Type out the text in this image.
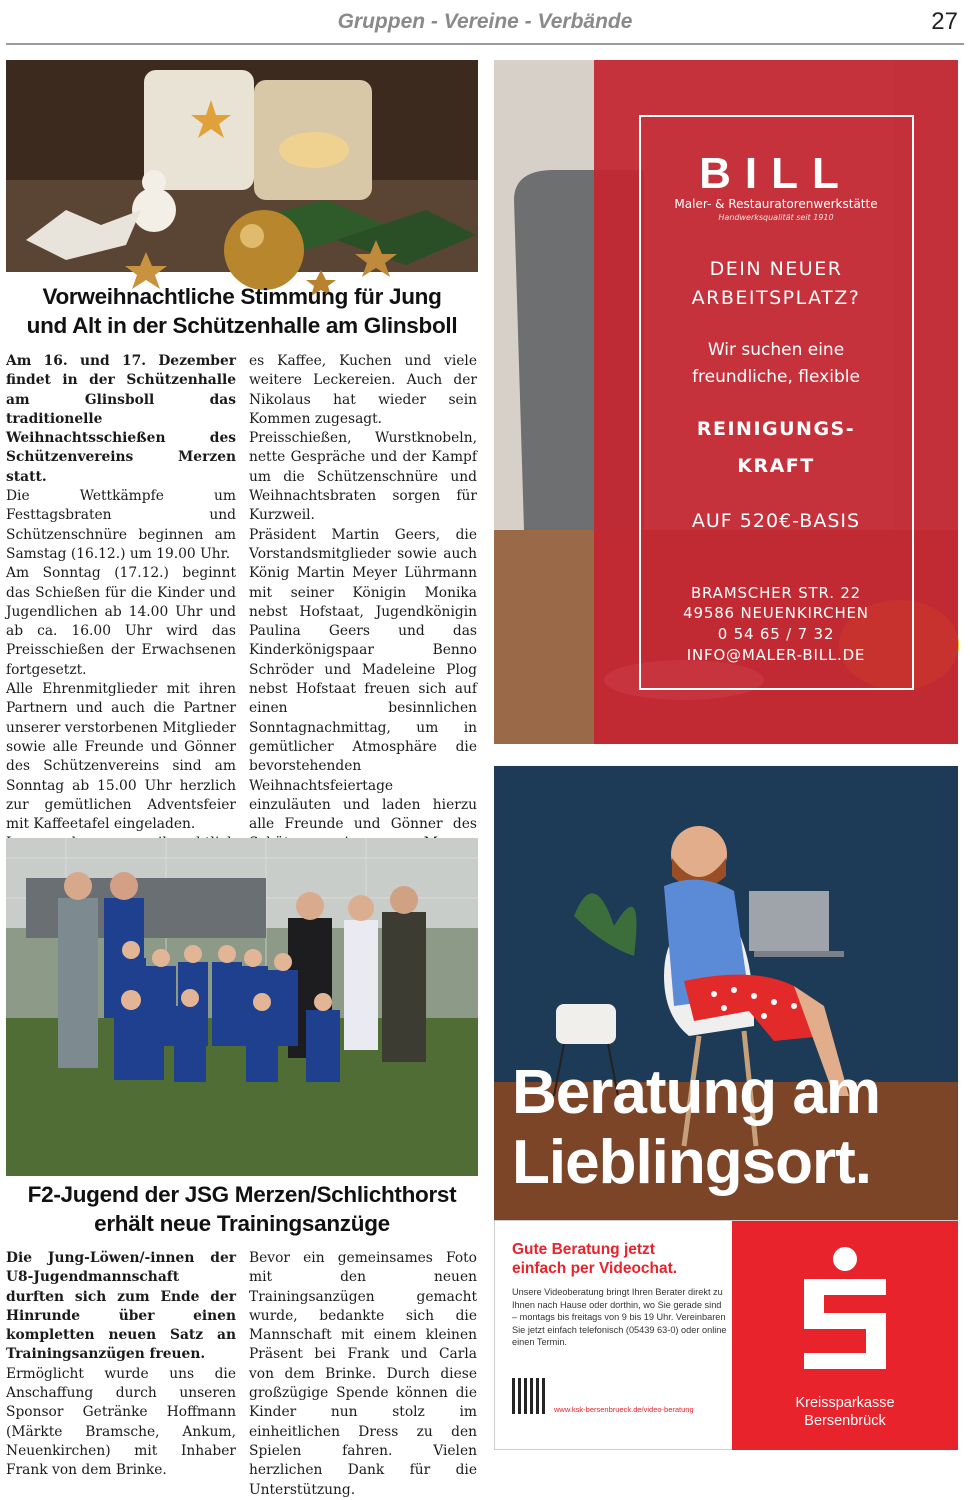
Gruppen - Vereine - Verbände	27
Vorweihnachtliche Stimmung für Jung
und Alt in der Schützenhalle am Glinsboll

Am 16. und 17. Dezember findet in der Schützenhalle am Glinsboll das traditionelle Weihnachtsschießen des Schützenvereins Merzen statt.

Die Wettkämpfe um Festtagsbraten und Schützenschnüre beginnen am Samstag (16.12.) um 19.00 Uhr.

Am Sonntag (17.12.) beginnt das Schießen für die Kinder und Jugendlichen ab 14.00 Uhr und ab ca. 16.00 Uhr wird das Preisschießen der Erwachsenen fortgesetzt.

Alle Ehrenmitglieder mit ihren Partnern und auch die Partner unserer verstorbenen Mitglieder sowie alle Freunde und Gönner des Schützenvereins sind am Sonntag ab 15.00 Uhr herzlich zur gemütlichen Adventsfeier mit Kaffeetafel eingeladen.

es Kaffee, Kuchen und viele weitere Leckereien. Auch der Nikolaus hat wieder sein Kommen zugesagt.

Preisschießen, Wurstknobeln, nette Gespräche und der Kampf um die Schützenschnüre und Weihnachtsbraten sorgen für Kurzweil.

Präsident Martin Geers, die Vorstandsmitglieder sowie auch König Martin Meyer Lührmann mit seiner Königin Monika nebst Hofstaat, Jugendkönigin Paulina Geers und das Kinderkönigspaar Benno Schröder und Madeleine Plog nebst Hofstaat freuen sich auf einen besinnlichen Sonntagnachmittag, um in gemütlicher Atmosphäre die bevorstehenden Weihnachtsfeiertage einzuläuten und laden hierzu alle Freunde und Gönner des

BILL
Maler- & Restauratorenwerkstätte
Handwerksqualität seit 1910
DEIN NEUER
ARBEITSPLATZ?
Wir suchen eine
freundliche, flexible
REINIGUNGS-
KRAFT
AUF 520€-BASIS
BRAMSCHER STR. 22
49586 NEUENKIRCHEN
0 54 65 / 7 32
INFO@MALER-BILL.DE
F2-Jugend der JSG Merzen/Schlichthorst
erhält neue Trainingsanzüge

Die Jung-Löwen/-innen der U8-Jugendmannschaft durften sich zum Ende der Hinrunde über einen kompletten neuen Satz an Trainingsanzügen freuen.

Ermöglicht wurde uns die Anschaffung durch unseren Sponsor Getränke Hoffmann (Märkte Bramsche, Ankum, Neuenkirchen) mit Inhaber Frank von dem Brinke.

Bevor ein gemeinsames Foto mit den neuen Trainingsanzügen gemacht wurde, bedankte sich die Mannschaft mit einem kleinen Präsent bei Frank und Carla von dem Brinke. Durch diese großzügige Spende können die Kinder nun stolz im einheitlichen Dress zu den Spielen fahren. Vielen herzlichen Dank für die Unterstützung.

Beratung am
Lieblingsort.
Kreissparkasse
Bersenbrück
Gute Beratung jetzt
einfach per Videochat.
Unsere Videoberatung bringt Ihren Berater direkt zu Ihnen nach Hause oder dorthin, wo Sie gerade sind – montags bis freitags von 9 bis 19 Uhr. Vereinbaren Sie jetzt einfach telefonisch (05439 63-0) oder online einen Termin.
www.ksk-bersenbrueck.de/video-beratung
